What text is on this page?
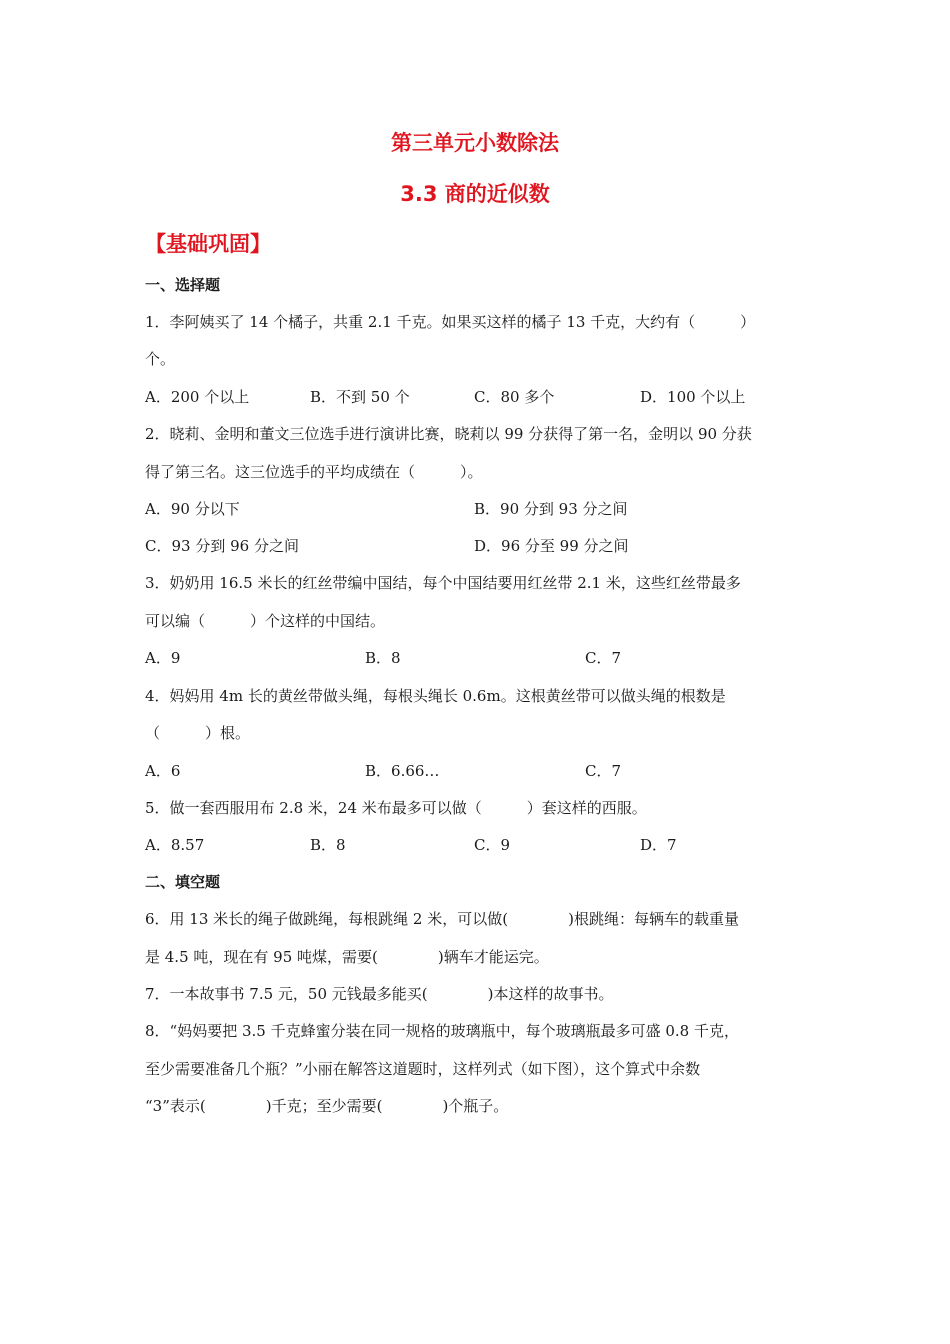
第三单元小数除法
3.3 商的近似数
【基础巩固】
一、选择题
1．李阿姨买了 14 个橘子，共重 2.1 千克。如果买这样的橘子 13 千克，大约有（　　　）
个。
A．200 个以上	B．不到 50 个	C．80 多个	D．100 个以上
2．晓莉、金明和董文三位选手进行演讲比赛，晓莉以 99 分获得了第一名，金明以 90 分获
得了第三名。这三位选手的平均成绩在（　　　）。
A．90 分以下	B．90 分到 93 分之间
C．93 分到 96 分之间	D．96 分至 99 分之间
3．奶奶用 16.5 米长的红丝带编中国结，每个中国结要用红丝带 2.1 米，这些红丝带最多
可以编（　　　）个这样的中国结。
A．9	B．8	C．7
4．妈妈用 4m 长的黄丝带做头绳，每根头绳长 0.6m。这根黄丝带可以做头绳的根数是
（　　　）根。
A．6	B．6.66…	C．7
5．做一套西服用布 2.8 米，24 米布最多可以做（　　　）套这样的西服。
A．8.57	B．8	C．9	D．7
二、填空题
6．用 13 米长的绳子做跳绳，每根跳绳 2 米，可以做(　　　　)根跳绳：每辆车的载重量
是 4.5 吨，现在有 95 吨煤，需要(　　　　)辆车才能运完。
7．一本故事书 7.5 元，50 元钱最多能买(　　　　)本这样的故事书。
8．“妈妈要把 3.5 千克蜂蜜分装在同一规格的玻璃瓶中，每个玻璃瓶最多可盛 0.8 千克，
至少需要准备几个瓶？”小丽在解答这道题时，这样列式（如下图），这个算式中余数
“3”表示(　　　　)千克；至少需要(　　　　)个瓶子。
